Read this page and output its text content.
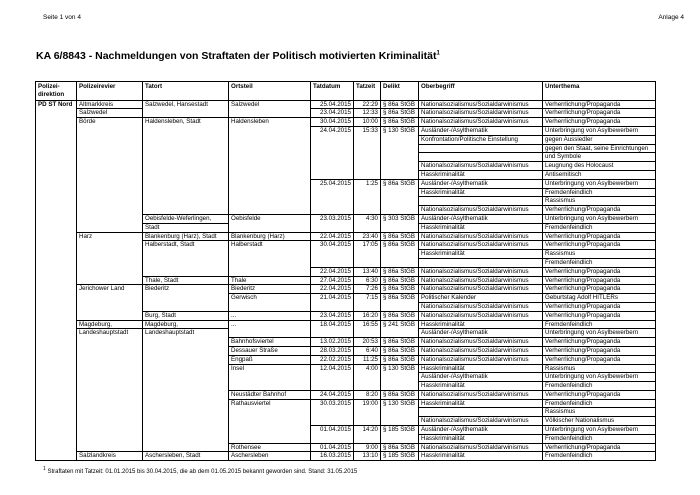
Seite 1 von 4	Anlage 4
KA 6/8843 - Nachmeldungen von Straftaten der Politisch motivierten Kriminalität$^1$
Polizei-
direktion	Polizeirevier	Tatort	Ortsteil	Tatdatum	Tatzeit	Delikt	Oberbegriff	Unterthema
PD ST Nord	Altmarkkreis	Salzwedel, Hansestadt	Salzwedel	25.04.2015	22:29	§ 86a StGB	Nationalsozialismus/Sozialdarwinismus	Verherrlichung/Propaganda
	Salzwedel			23.04.2015	12:33	§ 86a StGB	Nationalsozialismus/Sozialdarwinismus	Verherrlichung/Propaganda
	Börde	Haldensleben, Stadt	Haldensleben	30.04.2015	10:00	§ 86a StGB	Nationalsozialismus/Sozialdarwinismus	Verherrlichung/Propaganda
				24.04.2015	15:33	§ 130 StGB	Ausländer-/Asylthematik	Unterbringung von Asylbewerbern
							Konfrontation/Politische Einstellung	gegen Aussiedler
								gegen den Staat, seine Einrichtungen
								und Symbole
							Nationalsozialismus/Sozialdarwinismus	Leugnung des Holocaust
							Hasskriminalität	Antisemitisch
				25.04.2015	1:25	§ 86a StGB	Ausländer-/Asylthematik	Unterbringung von Asylbewerbern
							Hasskriminalität	Fremdenfeindlich
								Rassismus
							Nationalsozialismus/Sozialdarwinismus	Verherrlichung/Propaganda
		Oebisfelde-Weferlingen,	Oebisfelde	23.03.2015	4:30	§ 303 StGB	Ausländer-/Asylthematik	Unterbringung von Asylbewerbern
		Stadt					Hasskriminalität	Fremdenfeindlich
	Harz	Blankenburg (Harz), Stadt	Blankenburg (Harz)	22.04.2015	23:40	§ 86a StGB	Nationalsozialismus/Sozialdarwinismus	Verherrlichung/Propaganda
		Halberstadt, Stadt	Halberstadt	30.04.2015	17:05	§ 86a StGB	Nationalsozialismus/Sozialdarwinismus	Verherrlichung/Propaganda
							Hasskriminalität	Rassismus
								Fremdenfeindlich
				22.04.2015	13:40	§ 86a StGB	Nationalsozialismus/Sozialdarwinismus	Verherrlichung/Propaganda
		Thale, Stadt	Thale	27.04.2015	6:30	§ 86a StGB	Nationalsozialismus/Sozialdarwinismus	Verherrlichung/Propaganda
	Jerichower Land	Biederitz	Biederitz	22.04.2015	7:26	§ 86a StGB	Nationalsozialismus/Sozialdarwinismus	Verherrlichung/Propaganda
			Gerwisch	21.04.2015	7:15	§ 86a StGB	Politischer Kalender	Geburtstag Adolf HITLERs
							Nationalsozialismus/Sozialdarwinismus	Verherrlichung/Propaganda
		Burg, Stadt	...	23.04.2015	16:20	§ 86a StGB	Nationalsozialismus/Sozialdarwinismus	Verherrlichung/Propaganda
	Magdeburg,	Magdeburg,	...	18.04.2015	16:55	§ 241 StGB	Hasskriminalität	Fremdenfeindlich
	Landeshauptstadt	Landeshauptstadt					Ausländer-/Asylthematik	Unterbringung von Asylbewerbern
			Bahnhofsviertel	13.02.2015	20:53	§ 86a StGB	Nationalsozialismus/Sozialdarwinismus	Verherrlichung/Propaganda
			Dessauer Straße	28.03.2015	6:40	§ 86a StGB	Nationalsozialismus/Sozialdarwinismus	Verherrlichung/Propaganda
			Engpaß	22.02.2015	11:25	§ 86a StGB	Nationalsozialismus/Sozialdarwinismus	Verherrlichung/Propaganda
			Insel	12.04.2015	4:00	§ 130 StGB	Hasskriminalität	Rassismus
							Ausländer-/Asylthematik	Unterbringung von Asylbewerbern
							Hasskriminalität	Fremdenfeindlich
			Neustädter Bahnhof	24.04.2015	8:20	§ 86a StGB	Nationalsozialismus/Sozialdarwinismus	Verherrlichung/Propaganda
			Rathausviertel	30.03.2015	19:00	§ 130 StGB	Hasskriminalität	Fremdenfeindlich
								Rassismus
							Nationalsozialismus/Sozialdarwinismus	Völkischer Nationalismus
				01.04.2015	14:20	§ 185 StGB	Ausländer-/Asylthematik	Unterbringung von Asylbewerbern
							Hasskriminalität	Fremdenfeindlich
			Rothensee	01.04.2015	9:00	§ 86a StGB	Nationalsozialismus/Sozialdarwinismus	Verherrlichung/Propaganda
	Salzlandkreis	Aschersleben, Stadt	Aschersleben	16.03.2015	13:10	§ 185 StGB	Hasskriminalität	Fremdenfeindlich
$^1$ Straftaten mit Tatzeit: 01.01.2015 bis 30.04.2015, die ab dem 01.05.2015 bekannt geworden sind. Stand: 31.05.2015
